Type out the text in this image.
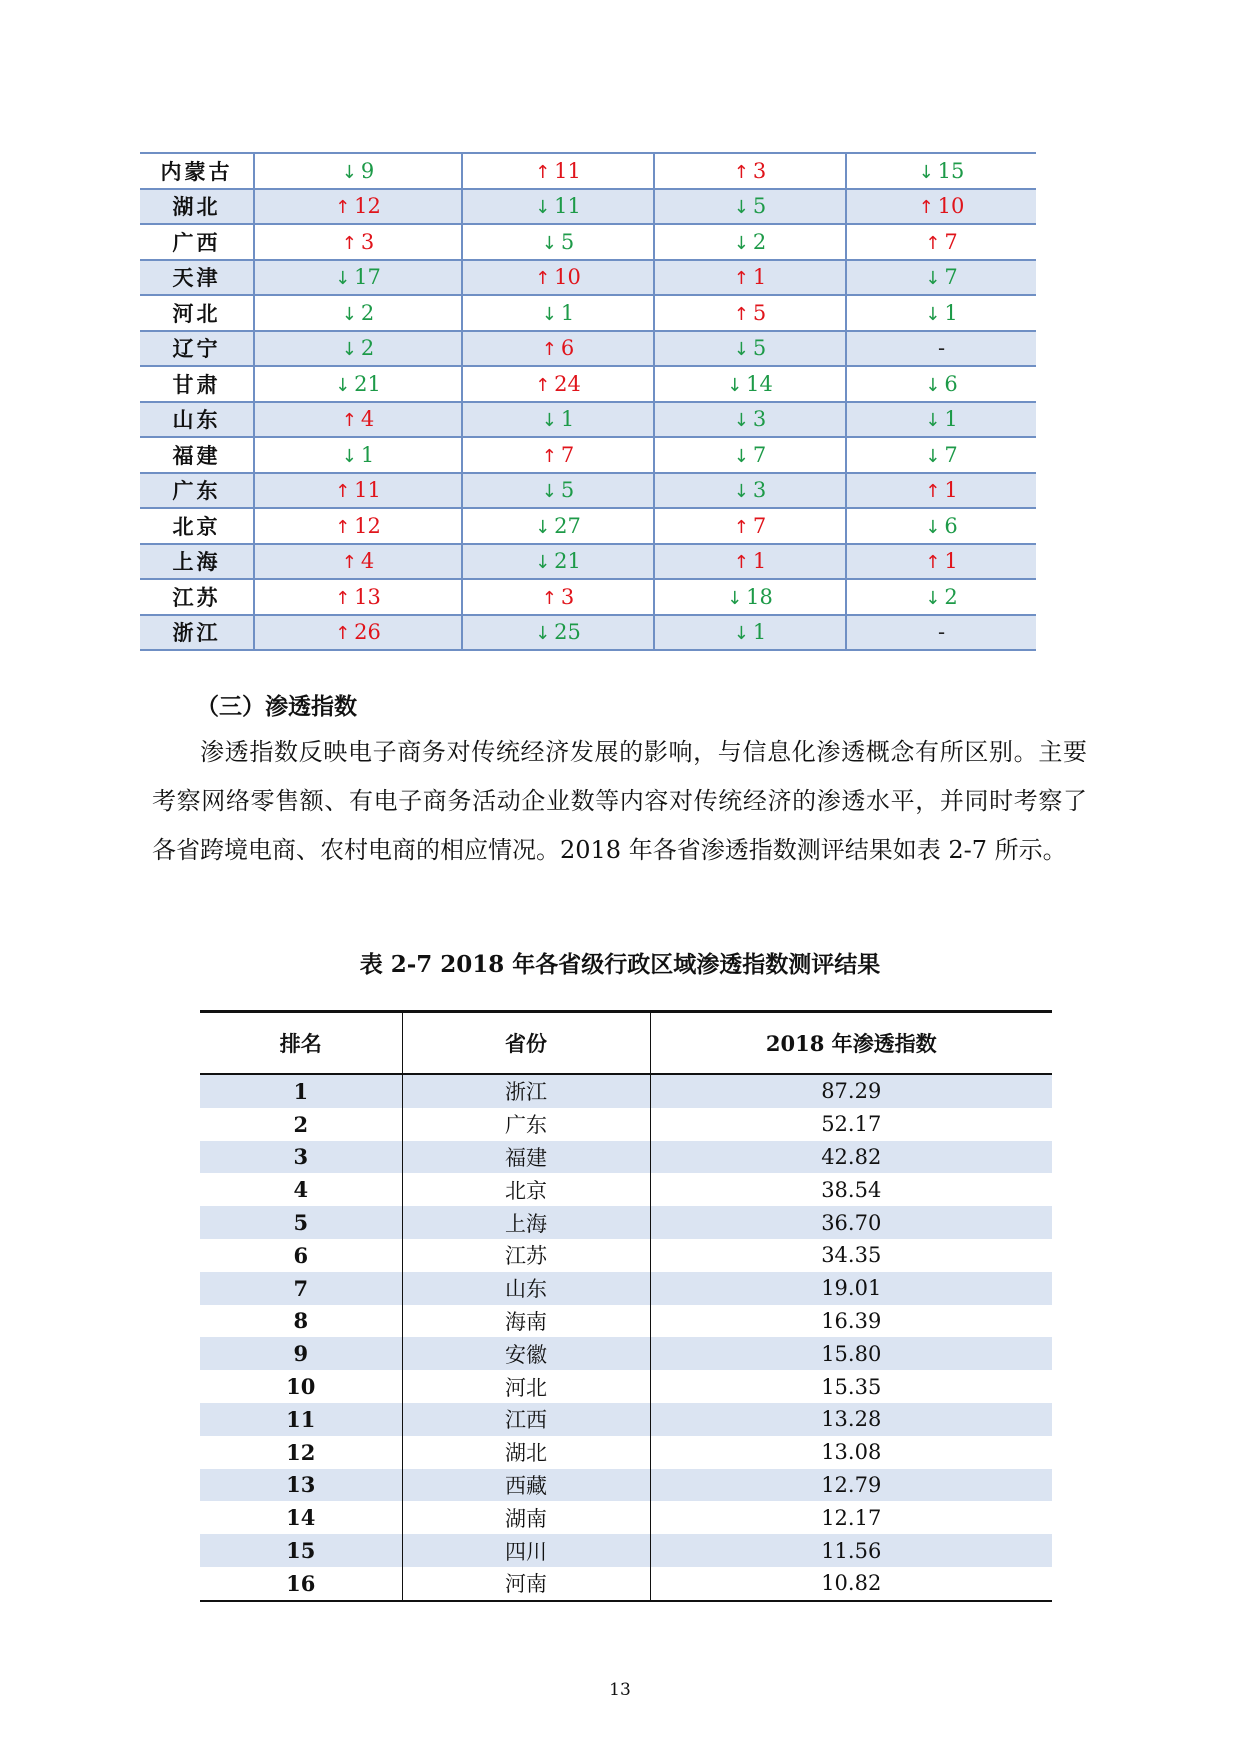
内蒙古	↓ 9	↑ 11	↑ 3	↓ 15
湖北	↑ 12	↓ 11	↓ 5	↑ 10
广西	↑ 3	↓ 5	↓ 2	↑ 7
天津	↓ 17	↑ 10	↑ 1	↓ 7
河北	↓ 2	↓ 1	↑ 5	↓ 1
辽宁	↓ 2	↑ 6	↓ 5	-
甘肃	↓ 21	↑ 24	↓ 14	↓ 6
山东	↑ 4	↓ 1	↓ 3	↓ 1
福建	↓ 1	↑ 7	↓ 7	↓ 7
广东	↑ 11	↓ 5	↓ 3	↑ 1
北京	↑ 12	↓ 27	↑ 7	↓ 6
上海	↑ 4	↓ 21	↑ 1	↑ 1
江苏	↑ 13	↑ 3	↓ 18	↓ 2
浙江	↑ 26	↓ 25	↓ 1	-
（三）渗透指数

渗透指数反映电子商务对传统经济发展的影响，与信息化渗透概念有所区别。主要考察网络零售额、有电子商务活动企业数等内容对传统经济的渗透水平，并同时考察了各省跨境电商、农村电商的相应情况。2018 年各省渗透指数测评结果如表 2-7 所示。

表 2-7 2018 年各省级行政区域渗透指数测评结果

排名	省份	2018 年渗透指数
1	浙江	87.29
2	广东	52.17
3	福建	42.82
4	北京	38.54
5	上海	36.70
6	江苏	34.35
7	山东	19.01
8	海南	16.39
9	安徽	15.80
10	河北	15.35
11	江西	13.28
12	湖北	13.08
13	西藏	12.79
14	湖南	12.17
15	四川	11.56
16	河南	10.82

13
